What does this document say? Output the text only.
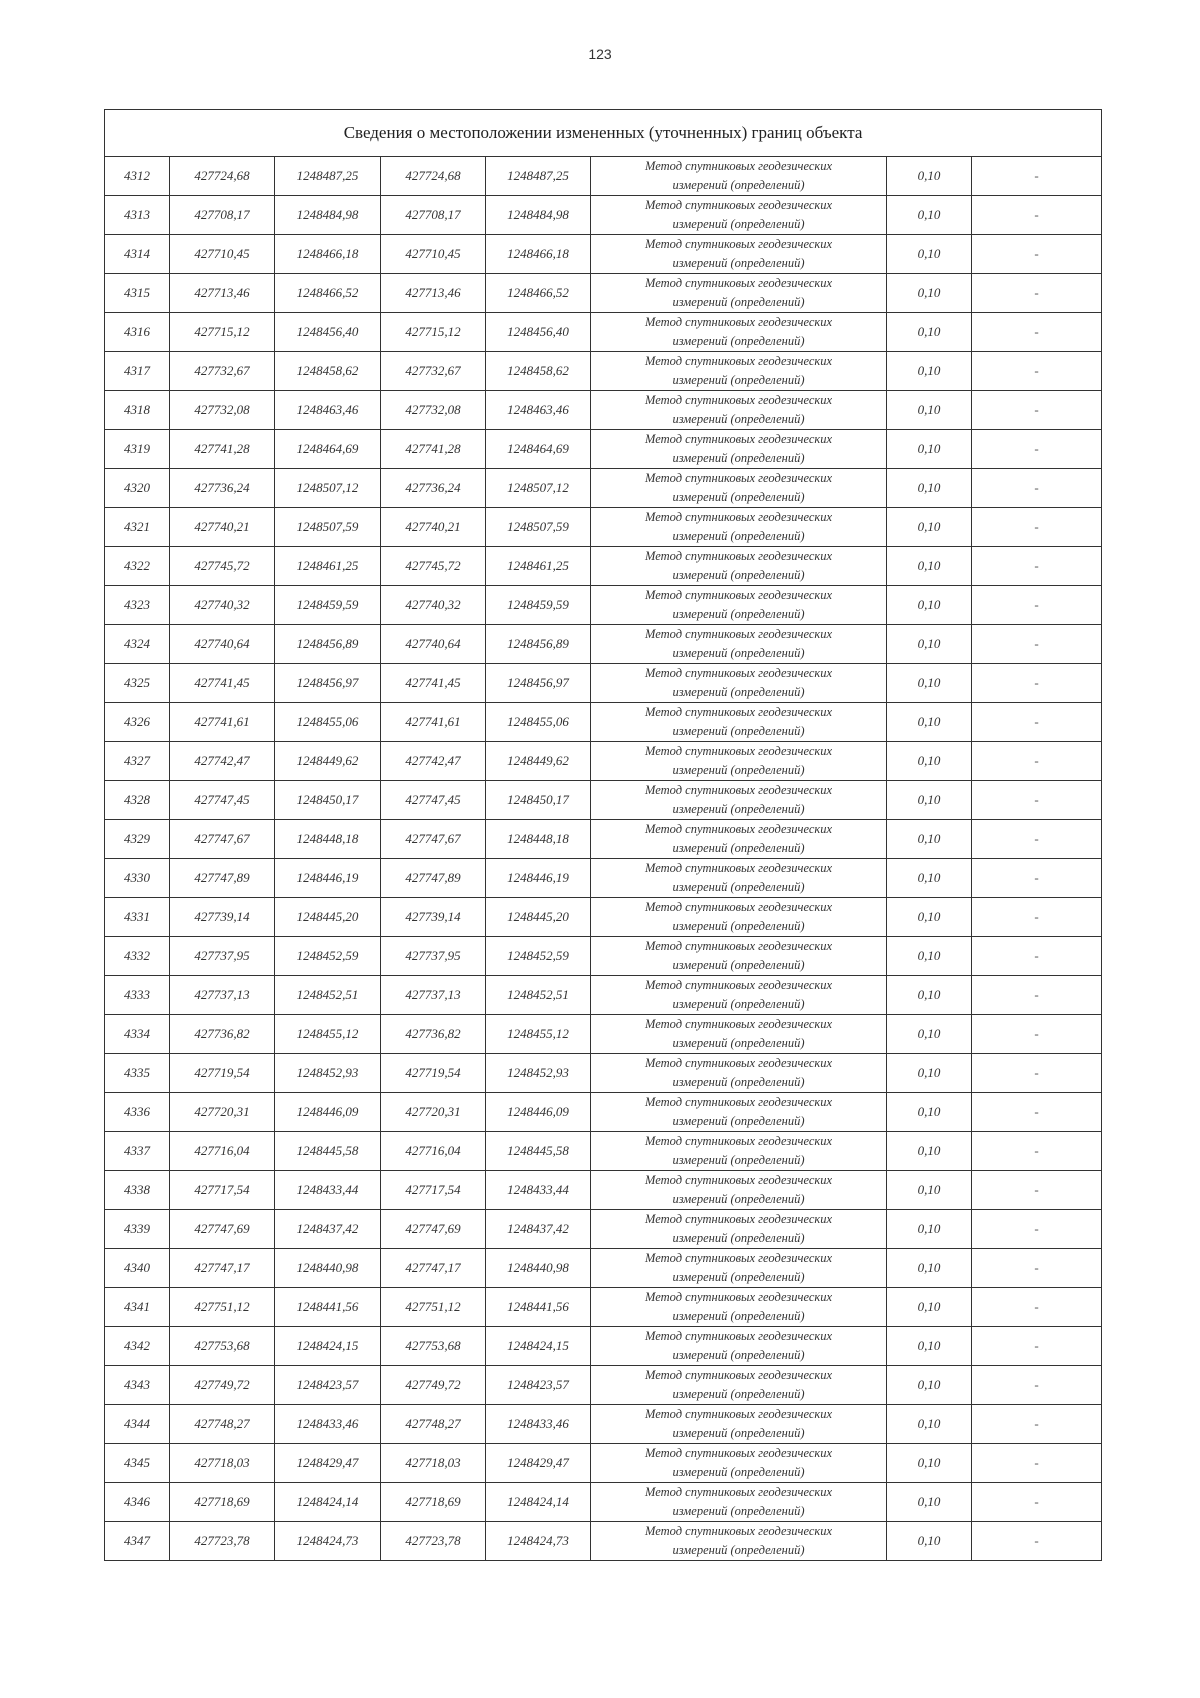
123
Сведения о местоположении измененных (уточненных) границ объекта							
4312	427724,68	1248487,25	427724,68	1248487,25	Метод спутниковых геодезических
измерений (определений)	0,10	-
4313	427708,17	1248484,98	427708,17	1248484,98	Метод спутниковых геодезических
измерений (определений)	0,10	-
4314	427710,45	1248466,18	427710,45	1248466,18	Метод спутниковых геодезических
измерений (определений)	0,10	-
4315	427713,46	1248466,52	427713,46	1248466,52	Метод спутниковых геодезических
измерений (определений)	0,10	-
4316	427715,12	1248456,40	427715,12	1248456,40	Метод спутниковых геодезических
измерений (определений)	0,10	-
4317	427732,67	1248458,62	427732,67	1248458,62	Метод спутниковых геодезических
измерений (определений)	0,10	-
4318	427732,08	1248463,46	427732,08	1248463,46	Метод спутниковых геодезических
измерений (определений)	0,10	-
4319	427741,28	1248464,69	427741,28	1248464,69	Метод спутниковых геодезических
измерений (определений)	0,10	-
4320	427736,24	1248507,12	427736,24	1248507,12	Метод спутниковых геодезических
измерений (определений)	0,10	-
4321	427740,21	1248507,59	427740,21	1248507,59	Метод спутниковых геодезических
измерений (определений)	0,10	-
4322	427745,72	1248461,25	427745,72	1248461,25	Метод спутниковых геодезических
измерений (определений)	0,10	-
4323	427740,32	1248459,59	427740,32	1248459,59	Метод спутниковых геодезических
измерений (определений)	0,10	-
4324	427740,64	1248456,89	427740,64	1248456,89	Метод спутниковых геодезических
измерений (определений)	0,10	-
4325	427741,45	1248456,97	427741,45	1248456,97	Метод спутниковых геодезических
измерений (определений)	0,10	-
4326	427741,61	1248455,06	427741,61	1248455,06	Метод спутниковых геодезических
измерений (определений)	0,10	-
4327	427742,47	1248449,62	427742,47	1248449,62	Метод спутниковых геодезических
измерений (определений)	0,10	-
4328	427747,45	1248450,17	427747,45	1248450,17	Метод спутниковых геодезических
измерений (определений)	0,10	-
4329	427747,67	1248448,18	427747,67	1248448,18	Метод спутниковых геодезических
измерений (определений)	0,10	-
4330	427747,89	1248446,19	427747,89	1248446,19	Метод спутниковых геодезических
измерений (определений)	0,10	-
4331	427739,14	1248445,20	427739,14	1248445,20	Метод спутниковых геодезических
измерений (определений)	0,10	-
4332	427737,95	1248452,59	427737,95	1248452,59	Метод спутниковых геодезических
измерений (определений)	0,10	-
4333	427737,13	1248452,51	427737,13	1248452,51	Метод спутниковых геодезических
измерений (определений)	0,10	-
4334	427736,82	1248455,12	427736,82	1248455,12	Метод спутниковых геодезических
измерений (определений)	0,10	-
4335	427719,54	1248452,93	427719,54	1248452,93	Метод спутниковых геодезических
измерений (определений)	0,10	-
4336	427720,31	1248446,09	427720,31	1248446,09	Метод спутниковых геодезических
измерений (определений)	0,10	-
4337	427716,04	1248445,58	427716,04	1248445,58	Метод спутниковых геодезических
измерений (определений)	0,10	-
4338	427717,54	1248433,44	427717,54	1248433,44	Метод спутниковых геодезических
измерений (определений)	0,10	-
4339	427747,69	1248437,42	427747,69	1248437,42	Метод спутниковых геодезических
измерений (определений)	0,10	-
4340	427747,17	1248440,98	427747,17	1248440,98	Метод спутниковых геодезических
измерений (определений)	0,10	-
4341	427751,12	1248441,56	427751,12	1248441,56	Метод спутниковых геодезических
измерений (определений)	0,10	-
4342	427753,68	1248424,15	427753,68	1248424,15	Метод спутниковых геодезических
измерений (определений)	0,10	-
4343	427749,72	1248423,57	427749,72	1248423,57	Метод спутниковых геодезических
измерений (определений)	0,10	-
4344	427748,27	1248433,46	427748,27	1248433,46	Метод спутниковых геодезических
измерений (определений)	0,10	-
4345	427718,03	1248429,47	427718,03	1248429,47	Метод спутниковых геодезических
измерений (определений)	0,10	-
4346	427718,69	1248424,14	427718,69	1248424,14	Метод спутниковых геодезических
измерений (определений)	0,10	-
4347	427723,78	1248424,73	427723,78	1248424,73	Метод спутниковых геодезических
измерений (определений)	0,10	-
